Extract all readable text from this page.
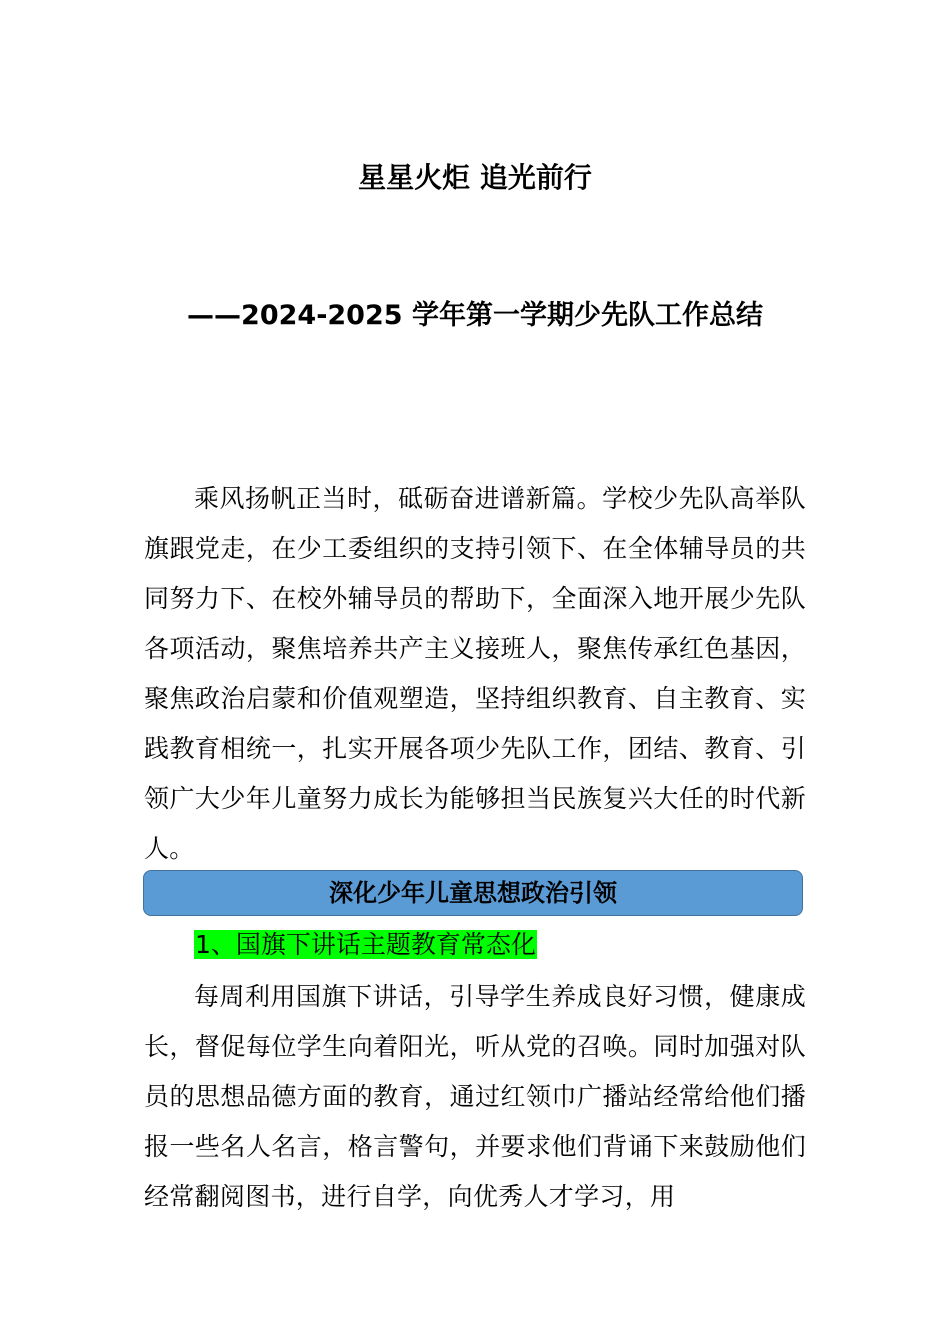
星星火炬 追光前行
——2024-2025 学年第一学期少先队工作总结

乘风扬帆正当时，砥砺奋进谱新篇。学校少先队高举队旗跟党走，在少工委组织的支持引领下、在全体辅导员的共同努力下、在校外辅导员的帮助下，全面深入地开展少先队各项活动，聚焦培养共产主义接班人，聚焦传承红色基因，聚焦政治启蒙和价值观塑造，坚持组织教育、自主教育、实践教育相统一，扎实开展各项少先队工作，团结、教育、引领广大少年儿童努力成长为能够担当民族复兴大任的时代新人。

深化少年儿童思想政治引领
1、国旗下讲话主题教育常态化

每周利用国旗下讲话，引导学生养成良好习惯，健康成长，督促每位学生向着阳光，听从党的召唤。同时加强对队员的思想品德方面的教育，通过红领巾广播站经常给他们播报一些名人名言，格言警句，并要求他们背诵下来鼓励他们经常翻阅图书，进行自学，向优秀人才学习，用
